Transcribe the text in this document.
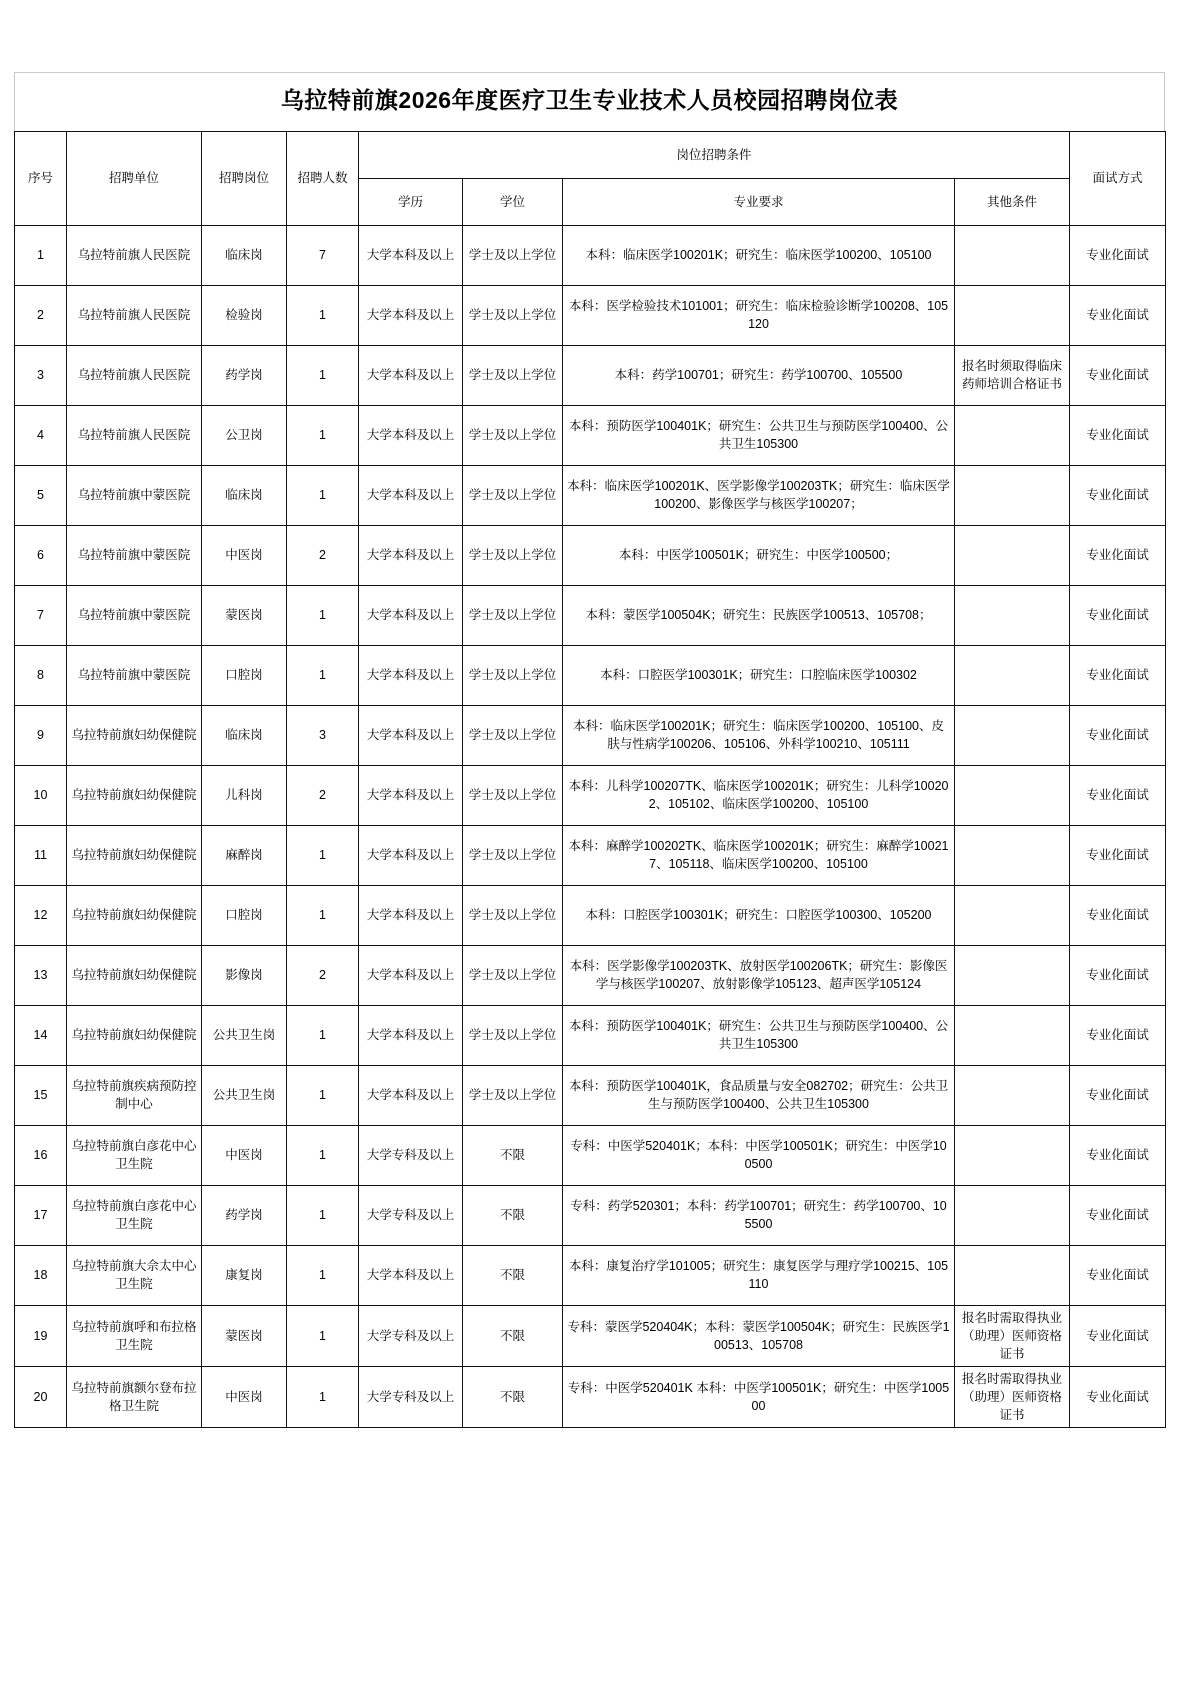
乌拉特前旗2026年度医疗卫生专业技术人员校园招聘岗位表
序号	招聘单位	招聘岗位	招聘人数	岗位招聘条件				面试方式
				学历	学位	专业要求	其他条件	
1	乌拉特前旗人民医院	临床岗	7	大学本科及以上	学士及以上学位	本科：临床医学100201K；研究生：临床医学100200、105100		专业化面试
2	乌拉特前旗人民医院	检验岗	1	大学本科及以上	学士及以上学位	本科：医学检验技术101001；研究生：临床检验诊断学100208、105120		专业化面试
3	乌拉特前旗人民医院	药学岗	1	大学本科及以上	学士及以上学位	本科：药学100701；研究生：药学100700、105500	报名时须取得临床药师培训合格证书	专业化面试
4	乌拉特前旗人民医院	公卫岗	1	大学本科及以上	学士及以上学位	本科：预防医学100401K；研究生：公共卫生与预防医学100400、公共卫生105300		专业化面试
5	乌拉特前旗中蒙医院	临床岗	1	大学本科及以上	学士及以上学位	本科：临床医学100201K、医学影像学100203TK；研究生：临床医学100200、影像医学与核医学100207；		专业化面试
6	乌拉特前旗中蒙医院	中医岗	2	大学本科及以上	学士及以上学位	本科：中医学100501K；研究生：中医学100500；		专业化面试
7	乌拉特前旗中蒙医院	蒙医岗	1	大学本科及以上	学士及以上学位	本科：蒙医学100504K；研究生：民族医学100513、105708；		专业化面试
8	乌拉特前旗中蒙医院	口腔岗	1	大学本科及以上	学士及以上学位	本科：口腔医学100301K；研究生：口腔临床医学100302		专业化面试
9	乌拉特前旗妇幼保健院	临床岗	3	大学本科及以上	学士及以上学位	本科：临床医学100201K；研究生：临床医学100200、105100、皮肤与性病学100206、105106、外科学100210、105111		专业化面试
10	乌拉特前旗妇幼保健院	儿科岗	2	大学本科及以上	学士及以上学位	本科：儿科学100207TK、临床医学100201K；研究生：儿科学100202、105102、临床医学100200、105100		专业化面试
11	乌拉特前旗妇幼保健院	麻醉岗	1	大学本科及以上	学士及以上学位	本科：麻醉学100202TK、临床医学100201K；研究生：麻醉学100217、105118、临床医学100200、105100		专业化面试
12	乌拉特前旗妇幼保健院	口腔岗	1	大学本科及以上	学士及以上学位	本科：口腔医学100301K；研究生：口腔医学100300、105200		专业化面试
13	乌拉特前旗妇幼保健院	影像岗	2	大学本科及以上	学士及以上学位	本科：医学影像学100203TK、放射医学100206TK；研究生：影像医学与核医学100207、放射影像学105123、超声医学105124		专业化面试
14	乌拉特前旗妇幼保健院	公共卫生岗	1	大学本科及以上	学士及以上学位	本科：预防医学100401K；研究生：公共卫生与预防医学100400、公共卫生105300		专业化面试
15	乌拉特前旗疾病预防控制中心	公共卫生岗	1	大学本科及以上	学士及以上学位	本科：预防医学100401K，食品质量与安全082702；研究生：公共卫生与预防医学100400、公共卫生105300		专业化面试
16	乌拉特前旗白彦花中心卫生院	中医岗	1	大学专科及以上	不限	专科：中医学520401K；本科：中医学100501K；研究生：中医学100500		专业化面试
17	乌拉特前旗白彦花中心卫生院	药学岗	1	大学专科及以上	不限	专科：药学520301；本科：药学100701；研究生：药学100700、105500		专业化面试
18	乌拉特前旗大佘太中心卫生院	康复岗	1	大学本科及以上	不限	本科：康复治疗学101005；研究生：康复医学与理疗学100215、105110		专业化面试
19	乌拉特前旗呼和布拉格卫生院	蒙医岗	1	大学专科及以上	不限	专科：蒙医学520404K；本科：蒙医学100504K；研究生：民族医学100513、105708	报名时需取得执业（助理）医师资格证书	专业化面试
20	乌拉特前旗额尔登布拉格卫生院	中医岗	1	大学专科及以上	不限	专科：中医学520401K 本科：中医学100501K；研究生：中医学100500	报名时需取得执业（助理）医师资格证书	专业化面试
